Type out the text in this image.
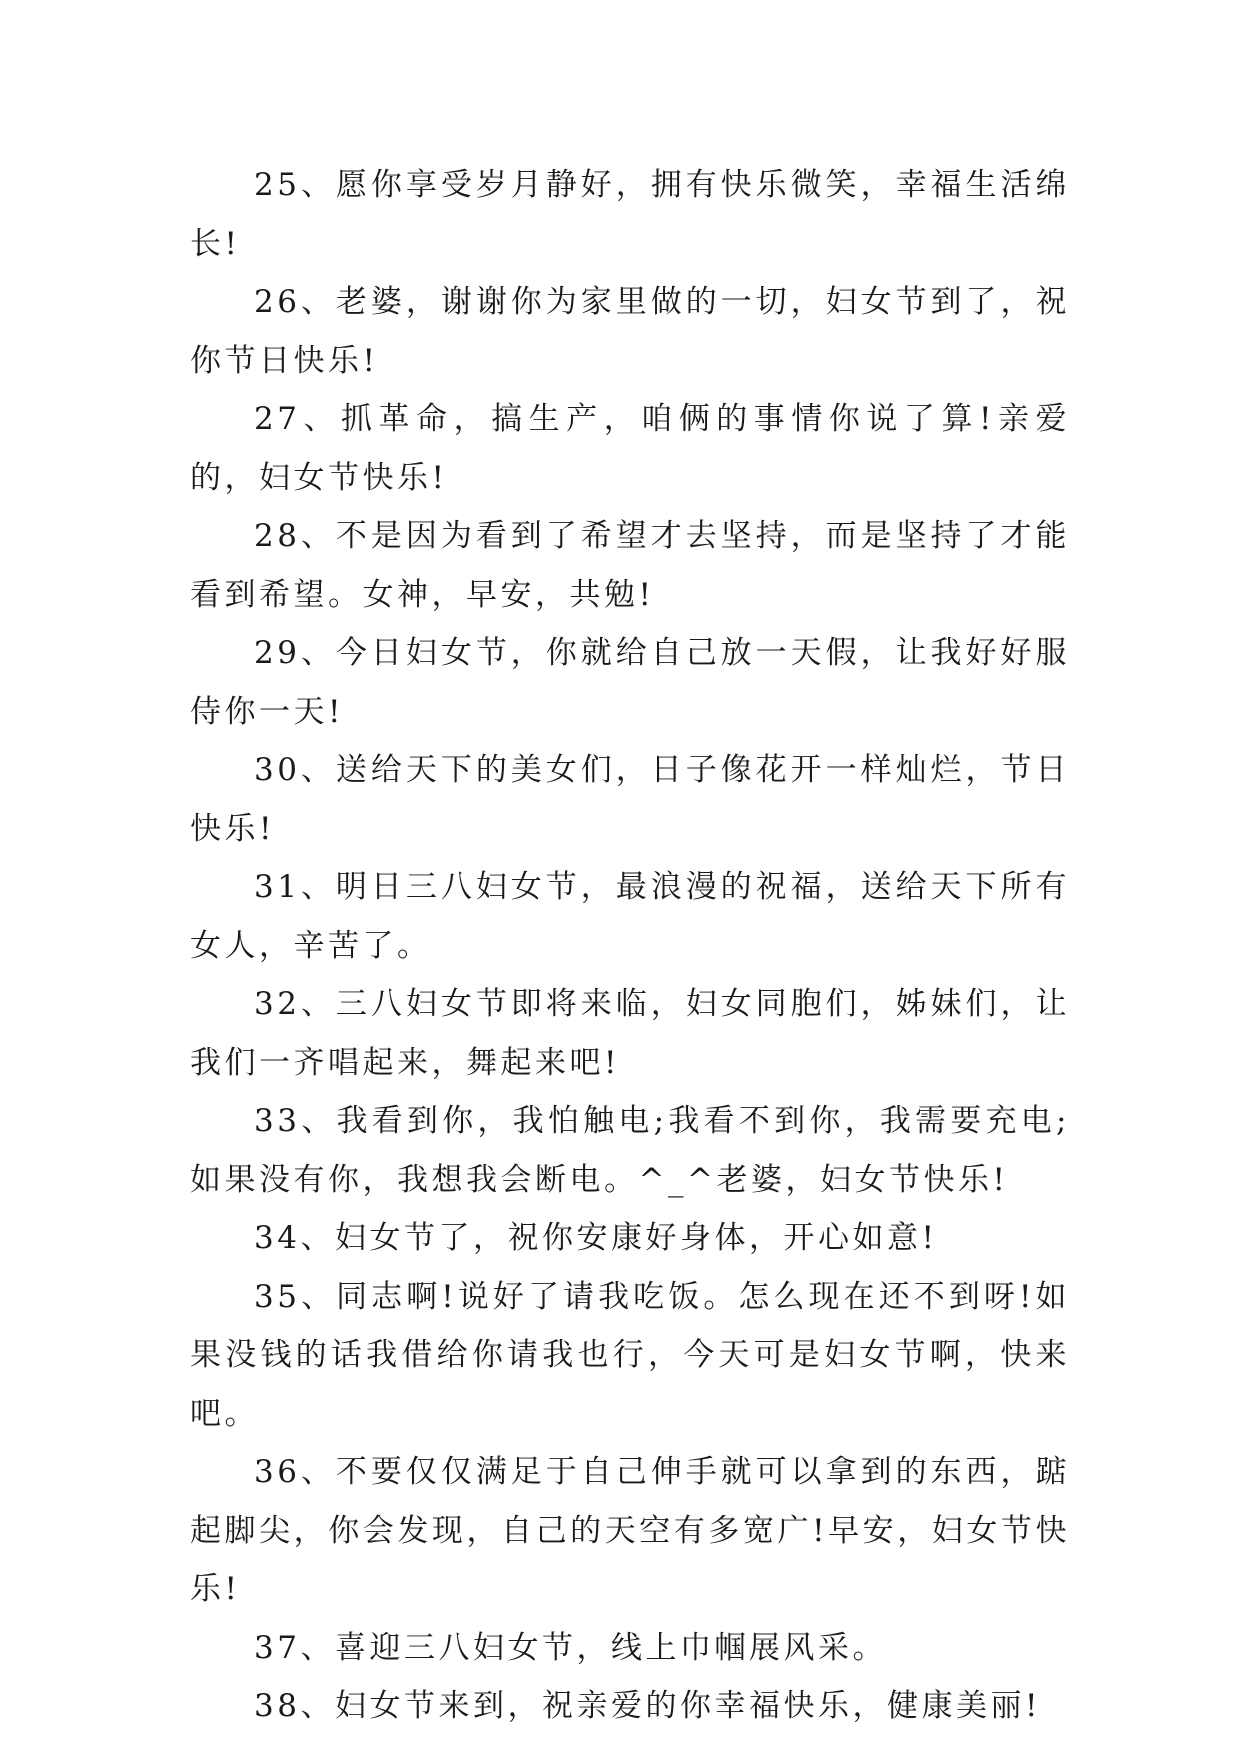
25、愿你享受岁月静好，拥有快乐微笑，幸福生活绵长!

26、老婆，谢谢你为家里做的一切，妇女节到了，祝你节日快乐!

27、抓革命，搞生产，咱俩的事情你说了算!亲爱的，妇女节快乐!

28、不是因为看到了希望才去坚持，而是坚持了才能看到希望。女神，早安，共勉!

29、今日妇女节，你就给自己放一天假，让我好好服侍你一天!

30、送给天下的美女们，日子像花开一样灿烂，节日快乐!

31、明日三八妇女节，最浪漫的祝福，送给天下所有女人，辛苦了。

32、三八妇女节即将来临，妇女同胞们，姊妹们，让我们一齐唱起来，舞起来吧!

33、我看到你，我怕触电;我看不到你，我需要充电;如果没有你，我想我会断电。^_^老婆，妇女节快乐!

34、妇女节了，祝你安康好身体，开心如意!

35、同志啊!说好了请我吃饭。怎么现在还不到呀!如果没钱的话我借给你请我也行，今天可是妇女节啊，快来吧。

36、不要仅仅满足于自己伸手就可以拿到的东西，踮起脚尖，你会发现，自己的天空有多宽广!早安，妇女节快乐!

37、喜迎三八妇女节，线上巾帼展风采。

38、妇女节来到，祝亲爱的你幸福快乐，健康美丽!
